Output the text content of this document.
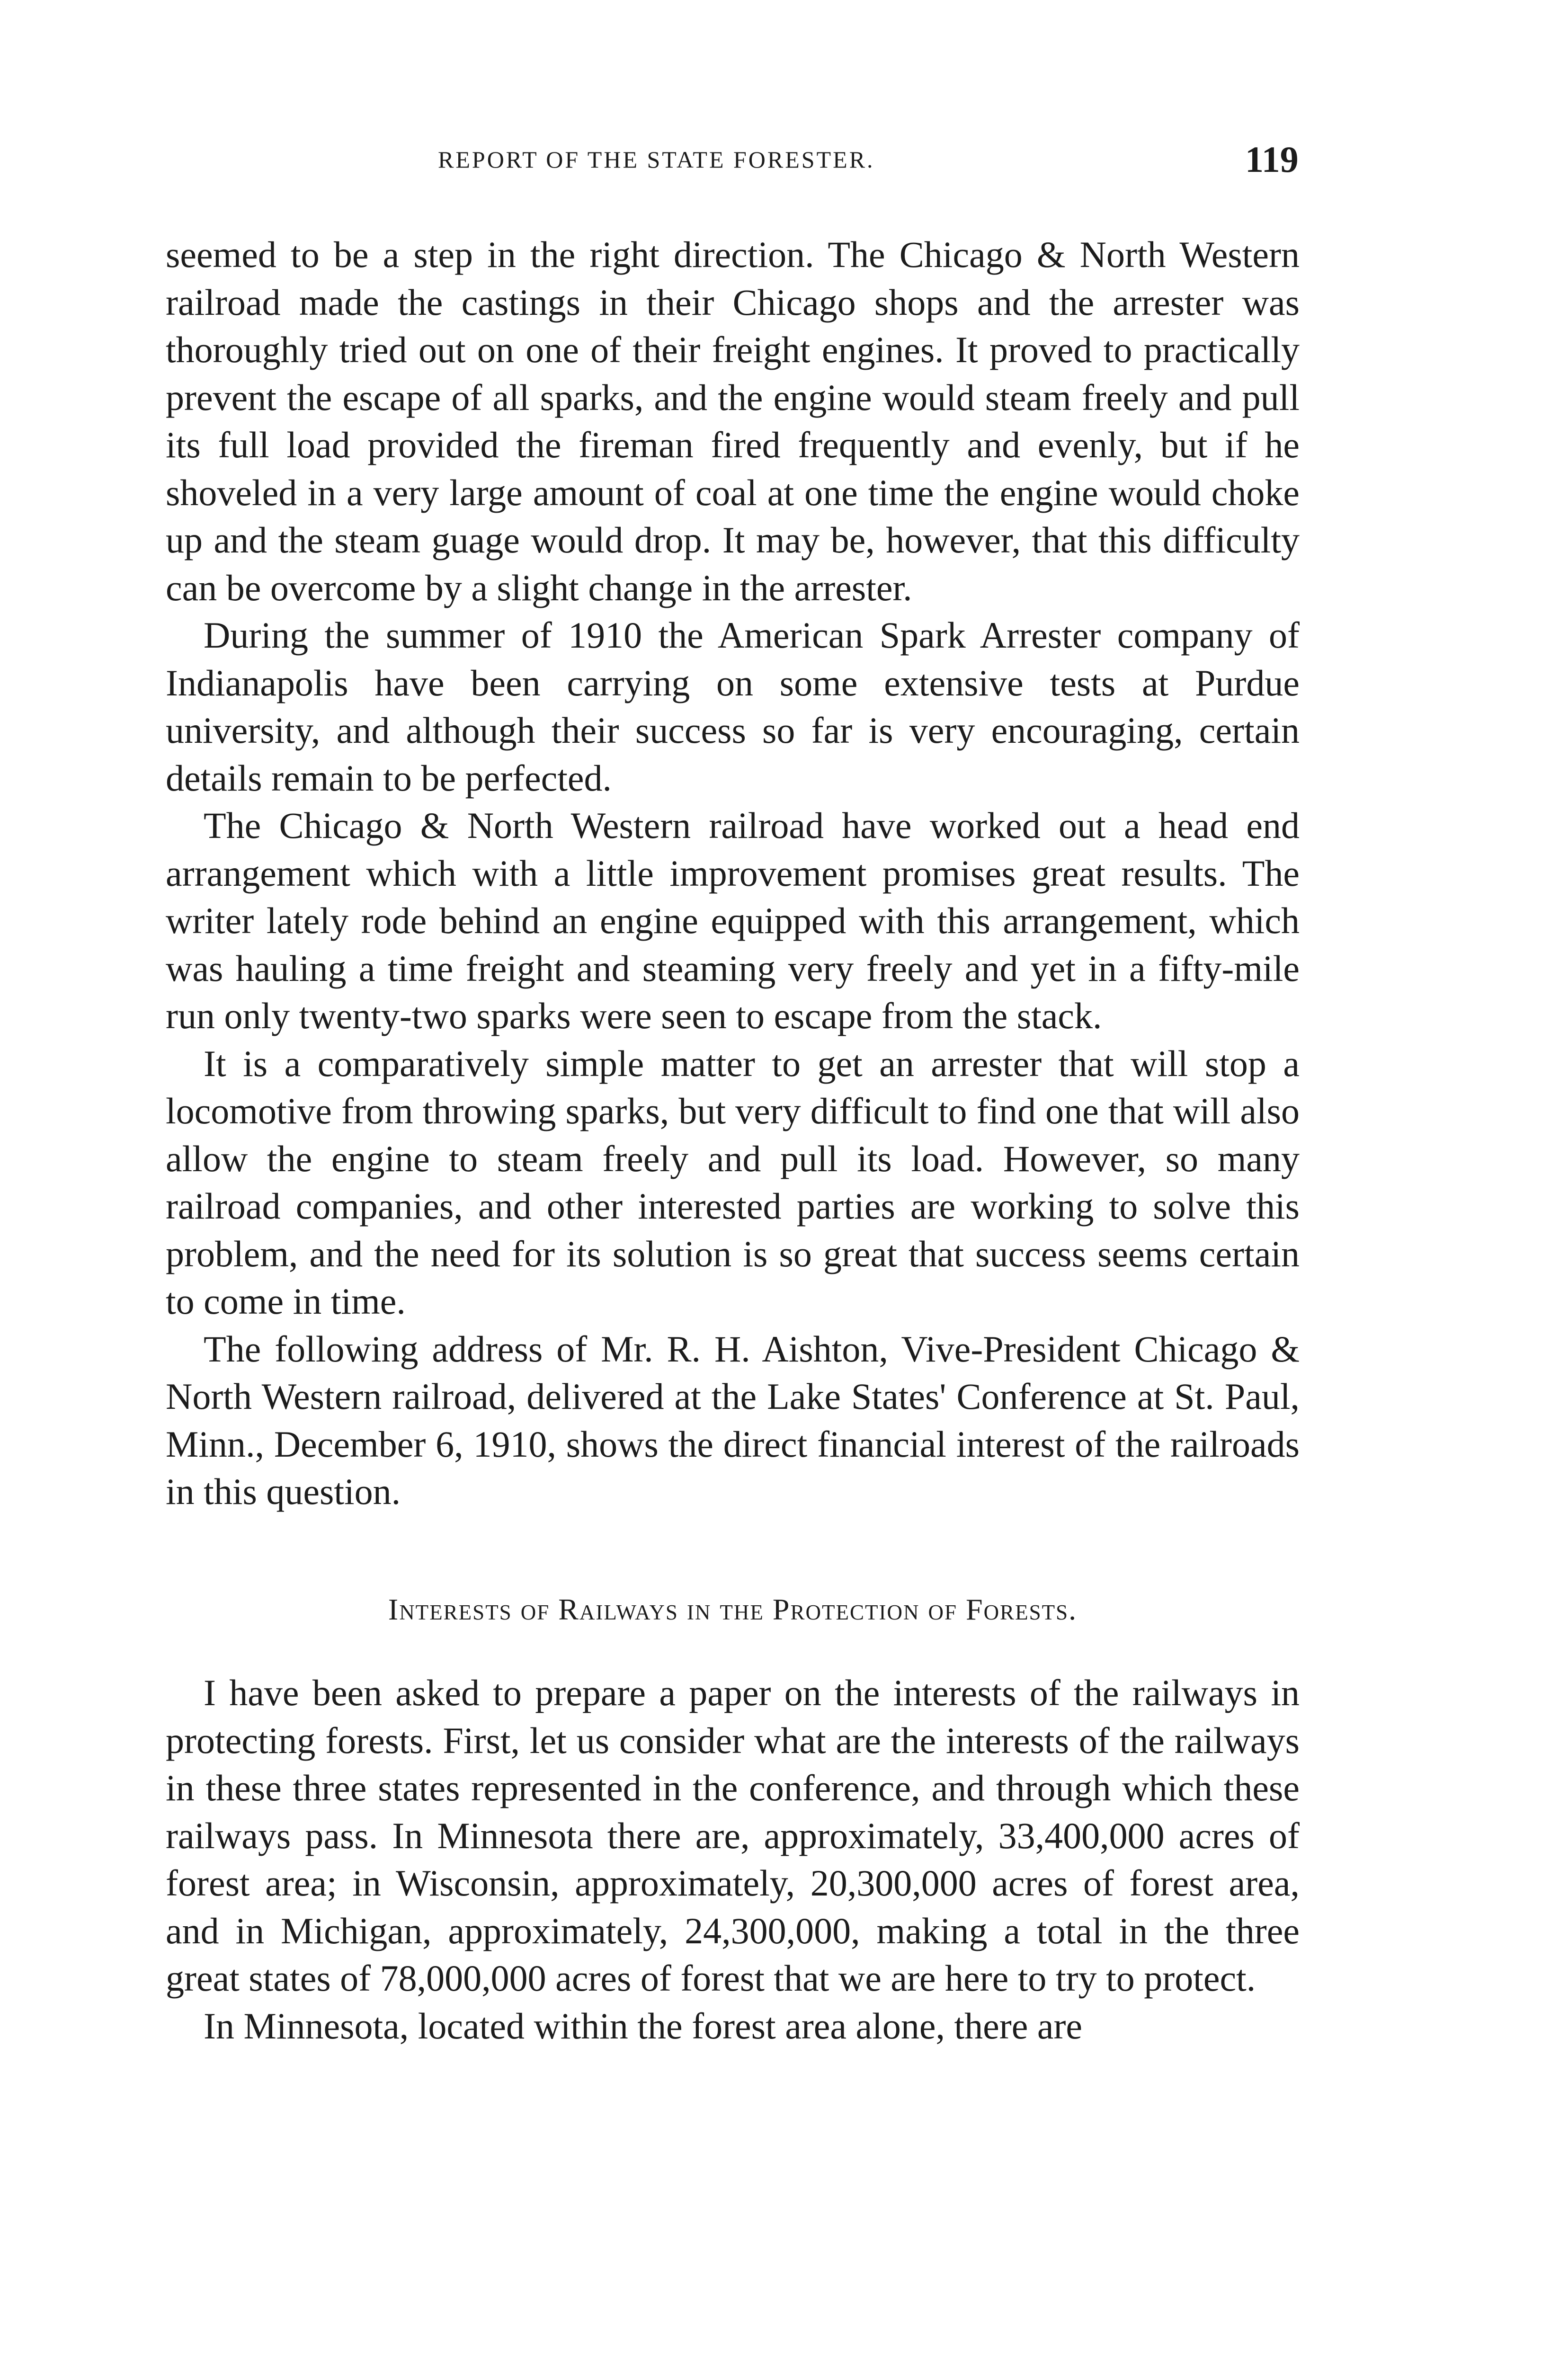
REPORT OF THE STATE FORESTER.	119

seemed to be a step in the right direction. The Chicago & North Western railroad made the castings in their Chicago shops and the arrester was thoroughly tried out on one of their freight engines. It proved to practically prevent the escape of all sparks, and the engine would steam freely and pull its full load provided the fireman fired frequently and evenly, but if he shoveled in a very large amount of coal at one time the engine would choke up and the steam guage would drop. It may be, however, that this difficulty can be overcome by a slight change in the arrester.

During the summer of 1910 the American Spark Arrester company of Indianapolis have been carrying on some extensive tests at Purdue university, and although their success so far is very encouraging, certain details remain to be perfected.

The Chicago & North Western railroad have worked out a head end arrangement which with a little improvement promises great results. The writer lately rode behind an engine equipped with this arrangement, which was hauling a time freight and steaming very freely and yet in a fifty-mile run only twenty-two sparks were seen to escape from the stack.

It is a comparatively simple matter to get an arrester that will stop a locomotive from throwing sparks, but very difficult to find one that will also allow the engine to steam freely and pull its load. However, so many railroad companies, and other interested parties are working to solve this problem, and the need for its solution is so great that success seems certain to come in time.

The following address of Mr. R. H. Aishton, Vive-President Chicago & North Western railroad, delivered at the Lake States' Conference at St. Paul, Minn., December 6, 1910, shows the direct financial interest of the railroads in this question.

Interests of Railways in the Protection of Forests.

I have been asked to prepare a paper on the interests of the railways in protecting forests. First, let us consider what are the interests of the railways in these three states represented in the conference, and through which these railways pass. In Minnesota there are, approximately, 33,400,000 acres of forest area; in Wisconsin, approximately, 20,300,000 acres of forest area, and in Michigan, approximately, 24,300,000, making a total in the three great states of 78,000,000 acres of forest that we are here to try to protect.

In Minnesota, located within the forest area alone, there are
